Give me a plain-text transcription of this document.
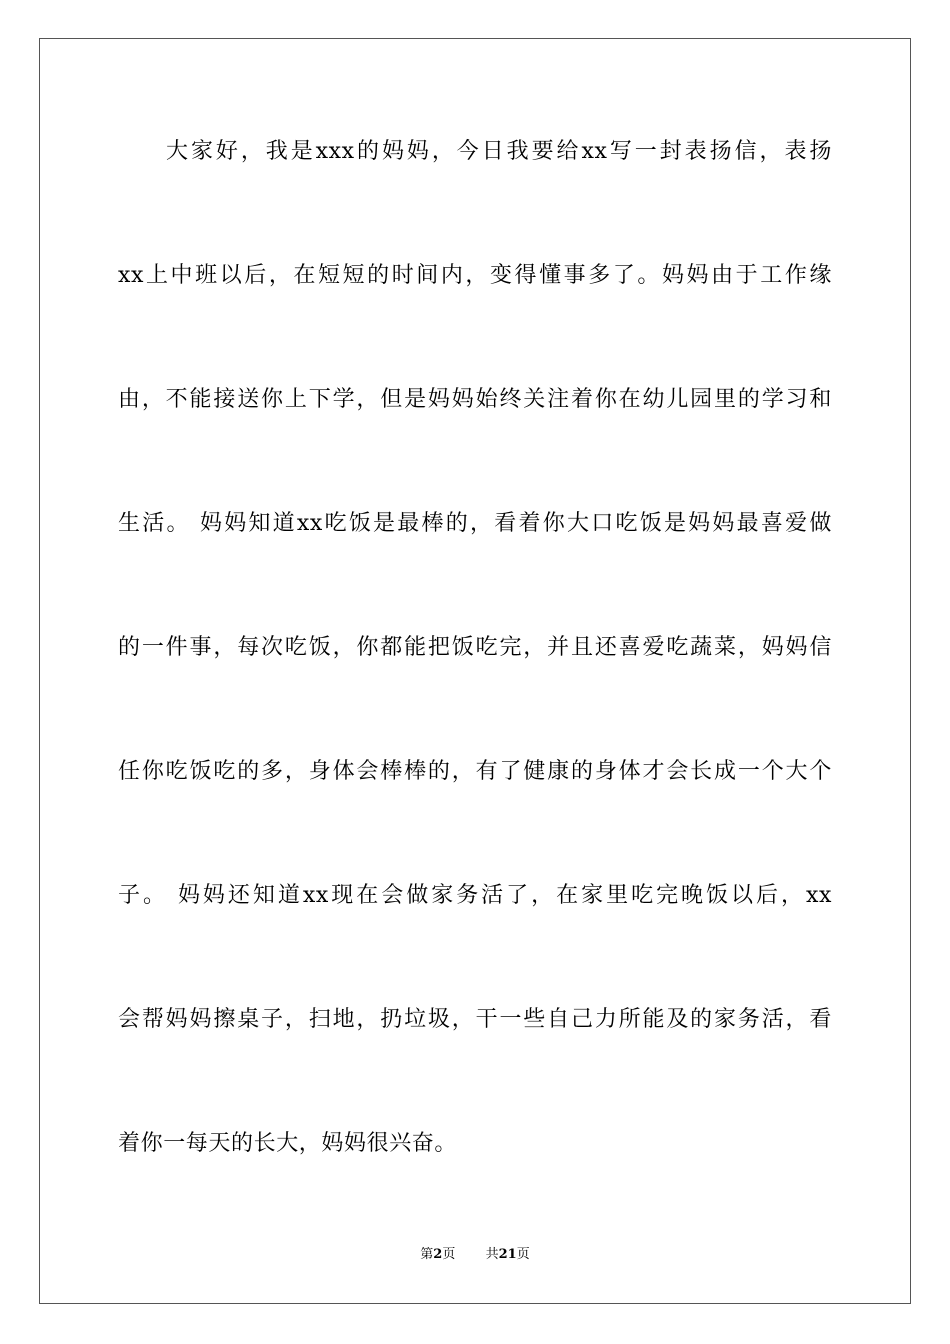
大家好，我是xxx的妈妈，今日我要给xx写一封表扬信，表扬
xx上中班以后，在短短的时间内，变得懂事多了。妈妈由于工作缘
由，不能接送你上下学，但是妈妈始终关注着你在幼儿园里的学习和
生活。 妈妈知道xx吃饭是最棒的，看着你大口吃饭是妈妈最喜爱做
的一件事，每次吃饭，你都能把饭吃完，并且还喜爱吃蔬菜，妈妈信
任你吃饭吃的多，身体会棒棒的，有了健康的身体才会长成一个大个
子。 妈妈还知道xx现在会做家务活了，在家里吃完晚饭以后，xx
会帮妈妈擦桌子，扫地，扔垃圾，干一些自己力所能及的家务活，看
着你一每天的长大，妈妈很兴奋。
第2页 共21页
